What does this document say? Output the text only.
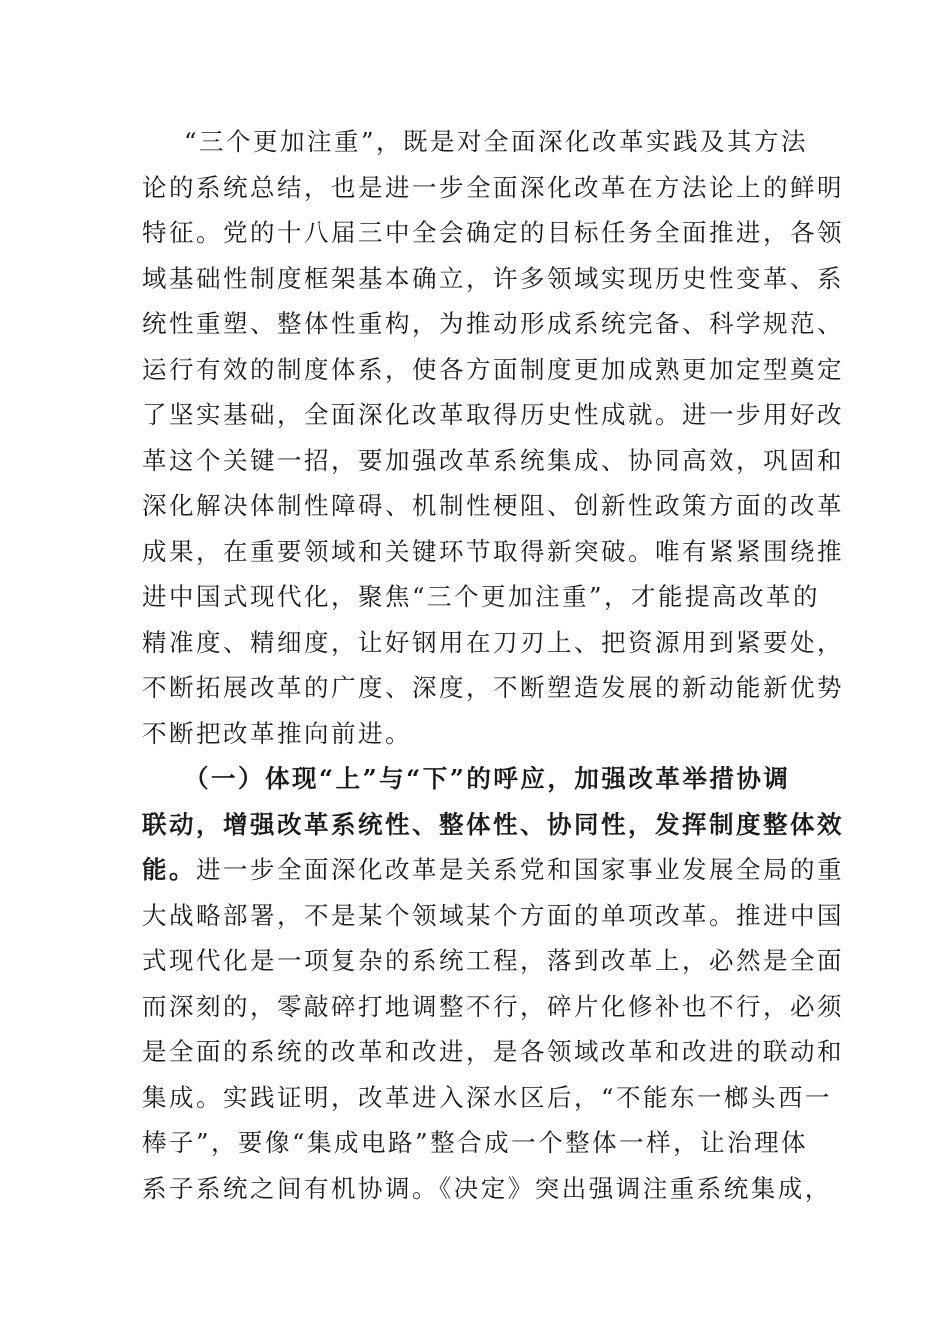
“三个更加注重”，既是对全面深化改革实践及其方法
论的系统总结，也是进一步全面深化改革在方法论上的鲜明
特征。党的十八届三中全会确定的目标任务全面推进，各领
域基础性制度框架基本确立，许多领域实现历史性变革、系
统性重塑、整体性重构，为推动形成系统完备、科学规范、
运行有效的制度体系，使各方面制度更加成熟更加定型奠定
了坚实基础，全面深化改革取得历史性成就。进一步用好改
革这个关键一招，要加强改革系统集成、协同高效，巩固和
深化解决体制性障碍、机制性梗阻、创新性政策方面的改革
成果，在重要领域和关键环节取得新突破。唯有紧紧围绕推
进中国式现代化，聚焦“三个更加注重”，才能提高改革的
精准度、精细度，让好钢用在刀刃上、把资源用到紧要处，
不断拓展改革的广度、深度，不断塑造发展的新动能新优势
不断把改革推向前进。
（一）体现“上”与“下”的呼应，加强改革举措协调
联动，增强改革系统性、整体性、协同性，发挥制度整体效
能。进一步全面深化改革是关系党和国家事业发展全局的重
大战略部署，不是某个领域某个方面的单项改革。推进中国
式现代化是一项复杂的系统工程，落到改革上，必然是全面
而深刻的，零敲碎打地调整不行，碎片化修补也不行，必须
是全面的系统的改革和改进，是各领域改革和改进的联动和
集成。实践证明，改革进入深水区后，“不能东一榔头西一
棒子”，要像“集成电路”整合成一个整体一样，让治理体
系子系统之间有机协调。《决定》突出强调注重系统集成，
